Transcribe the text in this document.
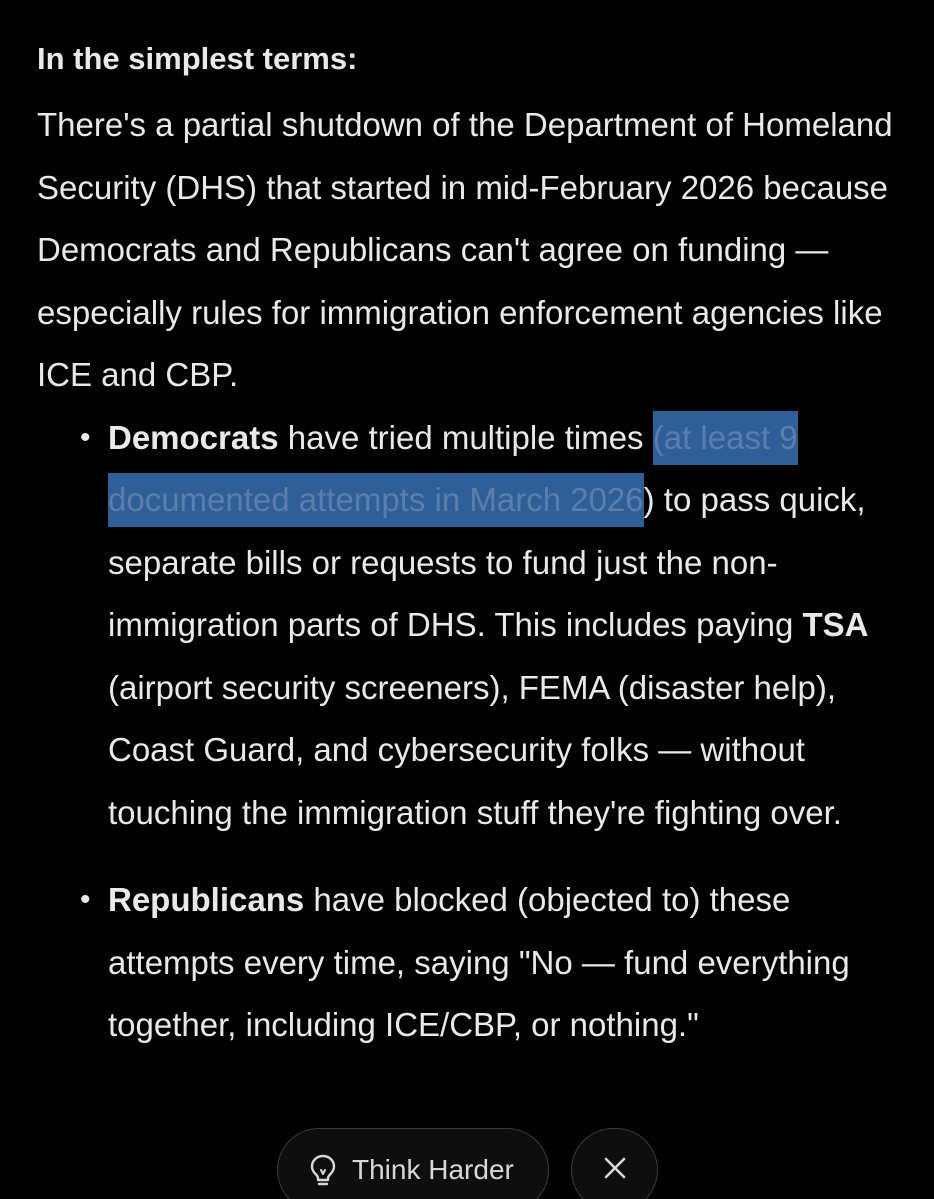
In the simplest terms:

There's a partial shutdown of the Department of Homeland Security (DHS) that started in mid-February 2026 because Democrats and Republicans can't agree on funding — especially rules for immigration enforcement agencies like ICE and CBP.

• Democrats have tried multiple times (at least 9 documented attempts in March 2026) to pass quick, separate bills or requests to fund just the non-immigration parts of DHS. This includes paying TSA (airport security screeners), FEMA (disaster help), Coast Guard, and cybersecurity folks — without touching the immigration stuff they're fighting over.
• Republicans have blocked (objected to) these attempts every time, saying "No — fund everything together, including ICE/CBP, or nothing."
Think Harder
